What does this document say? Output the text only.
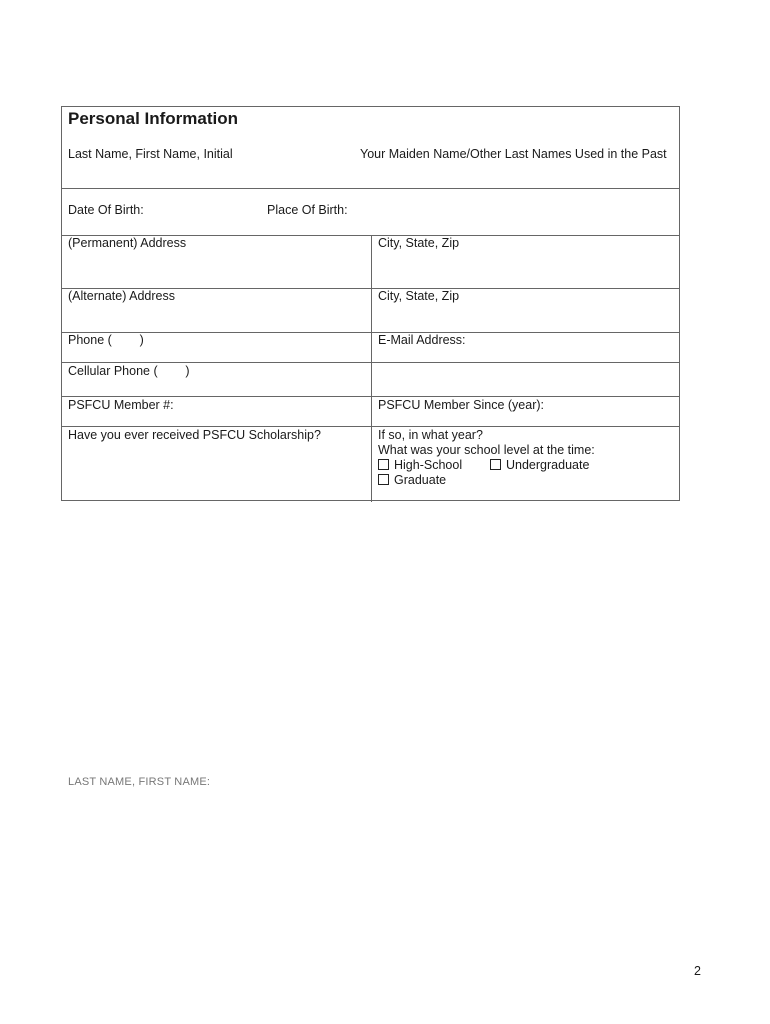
Personal Information
Last Name, First Name, Initial	Your Maiden Name/Other Last Names Used in the Past
Date Of Birth:	Place Of Birth:
(Permanent) Address	City, State, Zip
(Alternate) Address	City, State, Zip
Phone (        )	E-Mail Address:
Cellular Phone (        )
PSFCU Member #:	PSFCU Member Since (year):
Have you ever received PSFCU Scholarship?	If so, in what year?
What was your school level at the time:
High-School	Undergraduate
Graduate
LAST NAME, FIRST NAME:
2
